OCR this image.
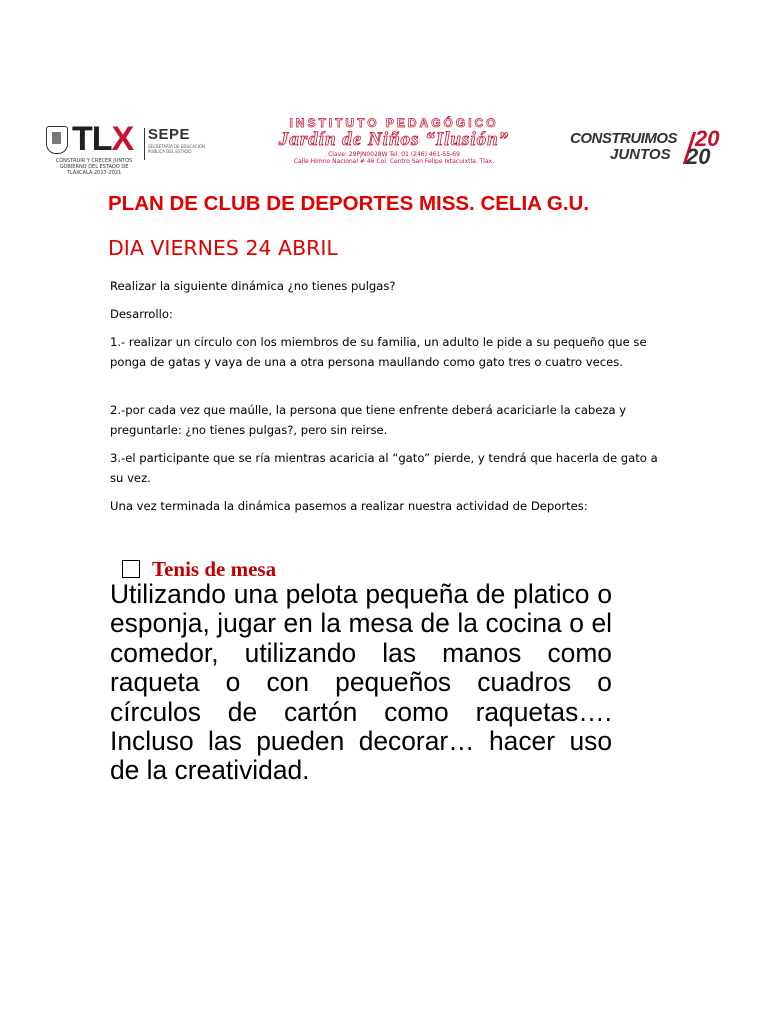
TLX SEPE
SECRETARÍA DE EDUCACIÓN PÚBLICA DEL ESTADO
CONSTRUIR Y CRECER JUNTOS
GOBIERNO DEL ESTADO DE TLAXCALA 2017-2021
INSTITUTO PEDAGÓGICO
Jardín de Niños “Ilusión”
Clave: 29PJN0028W Tel. 01 (246) 461-55-69
Calle Himno Nacional # 46 Col. Centro San Felipe Ixtacuixtla, Tlax.
CONSTRUIMOS
JUNTOS
20
20
PLAN DE CLUB DE DEPORTES MISS. CELIA G.U.
DIA VIERNES 24 ABRIL
Realizar la siguiente dinámica ¿no tienes pulgas?
Desarrollo:
1.- realizar un círculo con los miembros de su familia, un adulto le pide a su pequeño que se ponga de gatas y vaya de una a otra persona maullando como gato tres o cuatro veces.
2.-por cada vez que maúlle, la persona que tiene enfrente deberá acariciarle la cabeza y preguntarle: ¿no tienes pulgas?, pero sin reirse.
3.-el participante que se ría mientras acaricia al “gato” pierde, y tendrá que hacerla de gato a su vez.
Una vez terminada la dinámica pasemos a realizar nuestra actividad de Deportes:
Tenis de mesa
Utilizando una pelota pequeña de platico o esponja, jugar en la mesa de la cocina o el comedor, utilizando las manos como raqueta o con pequeños cuadros o círculos de cartón como raquetas…. Incluso las pueden decorar… hacer uso de la creatividad.
